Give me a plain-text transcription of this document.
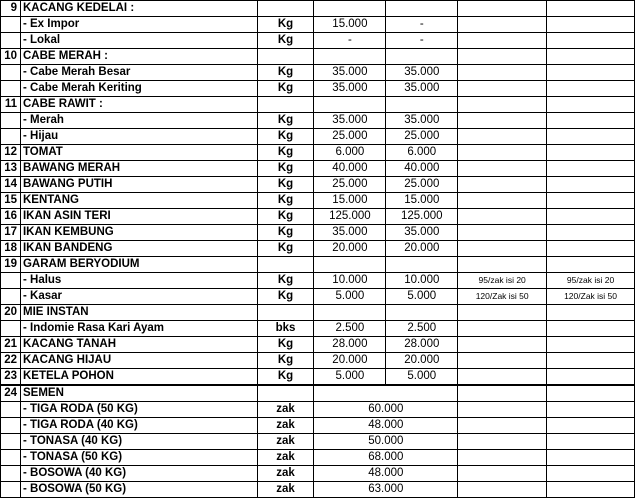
9	KACANG KEDELAI :					
	- Ex Impor	Kg	15.000	-		
	- Lokal	Kg	-	-		
10	CABE MERAH :					
	- Cabe Merah Besar	Kg	35.000	35.000		
	- Cabe Merah Keriting	Kg	35.000	35.000		
11	CABE RAWIT :					
	- Merah	Kg	35.000	35.000		
	- Hijau	Kg	25.000	25.000		
12	TOMAT	Kg	6.000	6.000		
13	BAWANG MERAH	Kg	40.000	40.000		
14	BAWANG PUTIH	Kg	25.000	25.000		
15	KENTANG	Kg	15.000	15.000		
16	IKAN ASIN TERI	Kg	125.000	125.000		
17	IKAN KEMBUNG	Kg	35.000	35.000		
18	IKAN BANDENG	Kg	20.000	20.000		
19	GARAM BERYODIUM					
	- Halus	Kg	10.000	10.000	95/zak isi 20	95/zak isi 20
	- Kasar	Kg	5.000	5.000	120/Zak isi 50	120/Zak isi 50
20	MIE INSTAN					
	- Indomie Rasa Kari Ayam	bks	2.500	2.500		
21	KACANG TANAH	Kg	28.000	28.000		
22	KACANG HIJAU	Kg	20.000	20.000		
23	KETELA POHON	Kg	5.000	5.000		
24	SEMEN					
	- TIGA RODA (50 KG)	zak	60.000			
	- TIGA RODA (40 KG)	zak	48.000			
	- TONASA (40 KG)	zak	50.000			
	- TONASA (50 KG)	zak	68.000			
	- BOSOWA (40 KG)	zak	48.000			
	- BOSOWA (50 KG)	zak	63.000			
